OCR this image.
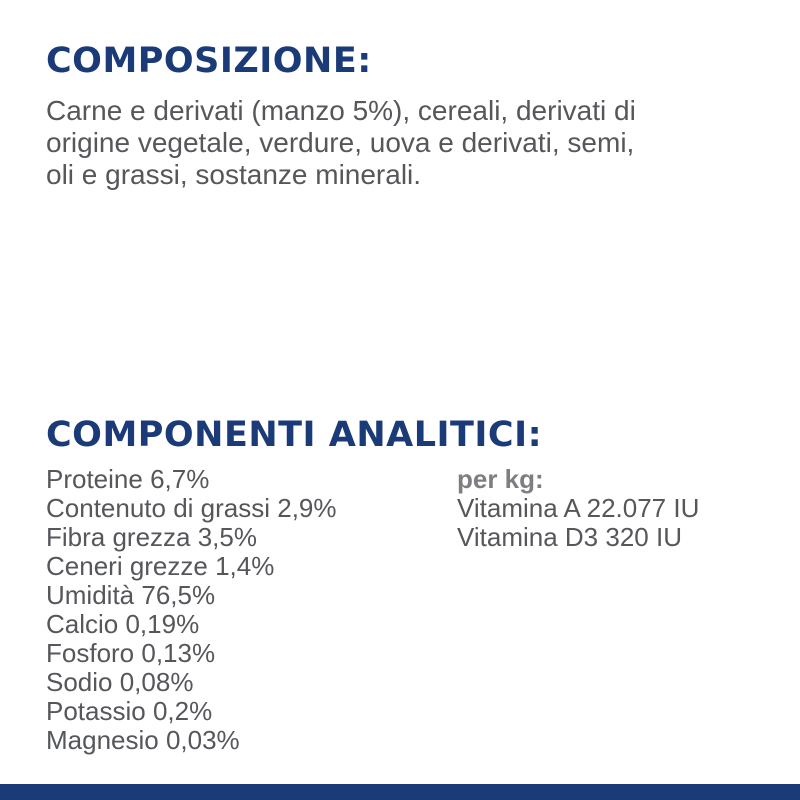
COMPOSIZIONE:

Carne e derivati (manzo 5%), cereali, derivati di
origine vegetale, verdure, uova e derivati, semi,
oli e grassi, sostanze minerali.

COMPONENTI ANALITICI:
Proteine 6,7%
Contenuto di grassi 2,9%
Fibra grezza 3,5%
Ceneri grezze 1,4%
Umidità 76,5%
Calcio 0,19%
Fosforo 0,13%
Sodio 0,08%
Potassio 0,2%
Magnesio 0,03%
per kg:
Vitamina A 22.077 IU
Vitamina D3 320 IU
